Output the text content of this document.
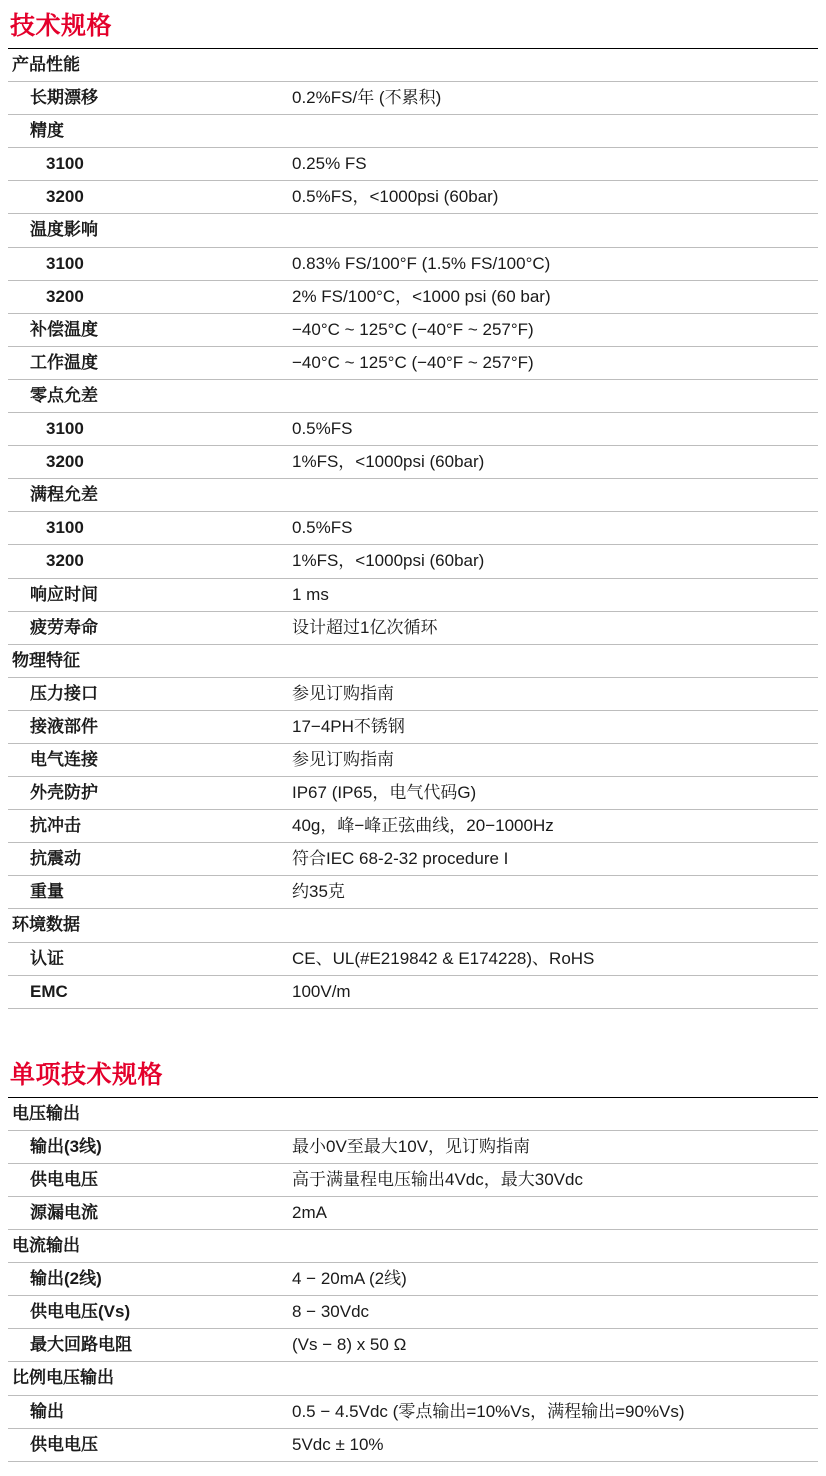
技术规格
产品性能	
长期漂移	0.2%FS/年 (不累积)
精度	
3100	0.25% FS
3200	0.5%FS，<1000psi (60bar)
温度影响	
3100	0.83% FS/100°F (1.5% FS/100°C)
3200	2% FS/100°C，<1000 psi (60 bar)
补偿温度	−40°C ~ 125°C (−40°F ~ 257°F)
工作温度	−40°C ~ 125°C (−40°F ~ 257°F)
零点允差	
3100	0.5%FS
3200	1%FS，<1000psi (60bar)
满程允差	
3100	0.5%FS
3200	1%FS，<1000psi (60bar)
响应时间	1 ms
疲劳寿命	设计超过1亿次循环
物理特征	
压力接口	参见订购指南
接液部件	17−4PH不锈钢
电气连接	参见订购指南
外壳防护	IP67 (IP65，电气代码G)
抗冲击	40g，峰−峰正弦曲线，20−1000Hz
抗震动	符合IEC 68-2-32 procedure I
重量	约35克
环境数据	
认证	CE、UL(#E219842 & E174228)、RoHS
EMC	100V/m
单项技术规格
电压输出	
输出(3线)	最小0V至最大10V，见订购指南
供电电压	高于满量程电压输出4Vdc，最大30Vdc
源漏电流	2mA
电流输出	
输出(2线)	4 − 20mA (2线)
供电电压(Vs)	8 − 30Vdc
最大回路电阻	(Vs − 8) x 50 Ω
比例电压输出	
输出	0.5 − 4.5Vdc (零点输出=10%Vs，满程输出=90%Vs)
供电电压	5Vdc ± 10%
